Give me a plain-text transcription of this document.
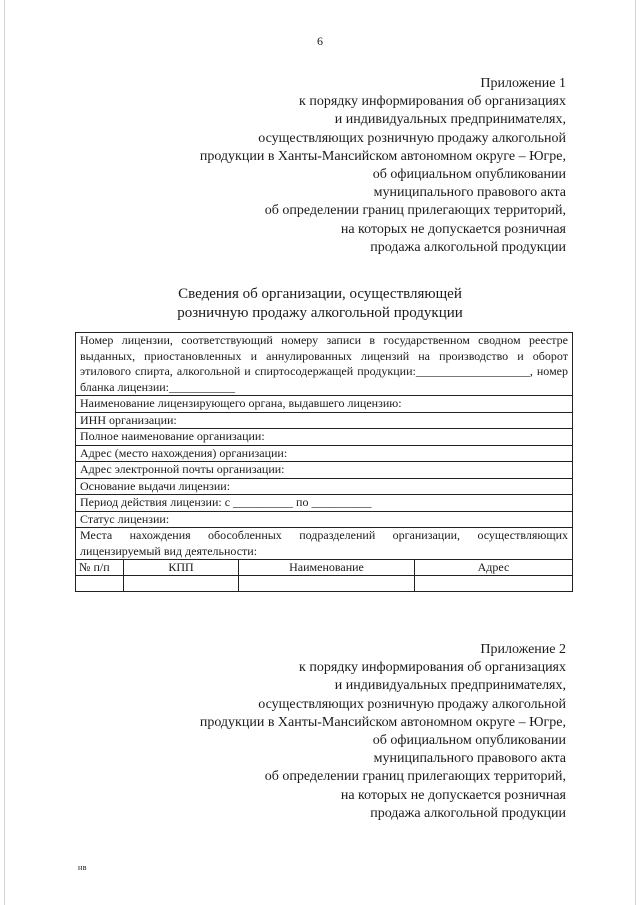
6
Приложение 1
к порядку информирования об организациях
и индивидуальных предпринимателях,
осуществляющих розничную продажу алкогольной
продукции в Ханты-Мансийском автономном округе – Югре,
об официальном опубликовании
муниципального правового акта
об определении границ прилегающих территорий,
на которых не допускается розничная
продажа алкогольной продукции
Сведения об организации, осуществляющей
розничную продажу алкогольной продукции
Номер лицензии, соответствующий номеру записи в государственном сводном реестре выданных, приостановленных и аннулированных лицензий на производство и оборот этилового спирта, алкогольной и спиртосодержащей продукции:___________________, номер бланка лицензии:___________
Наименование лицензирующего органа, выдавшего лицензию:
ИНН организации:
Полное наименование организации:
Адрес (место нахождения) организации:
Адрес электронной почты организации:
Основание выдачи лицензии:
Период действия лицензии: с __________ по __________
Статус лицензии:
Места нахождения обособленных подразделений организации, осуществляющих лицензируемый вид деятельности:
№ п/п	КПП	Наименование	Адрес
Приложение 2
к порядку информирования об организациях
и индивидуальных предпринимателях,
осуществляющих розничную продажу алкогольной
продукции в Ханты-Мансийском автономном округе – Югре,
об официальном опубликовании
муниципального правового акта
об определении границ прилегающих территорий,
на которых не допускается розничная
продажа алкогольной продукции
нв
